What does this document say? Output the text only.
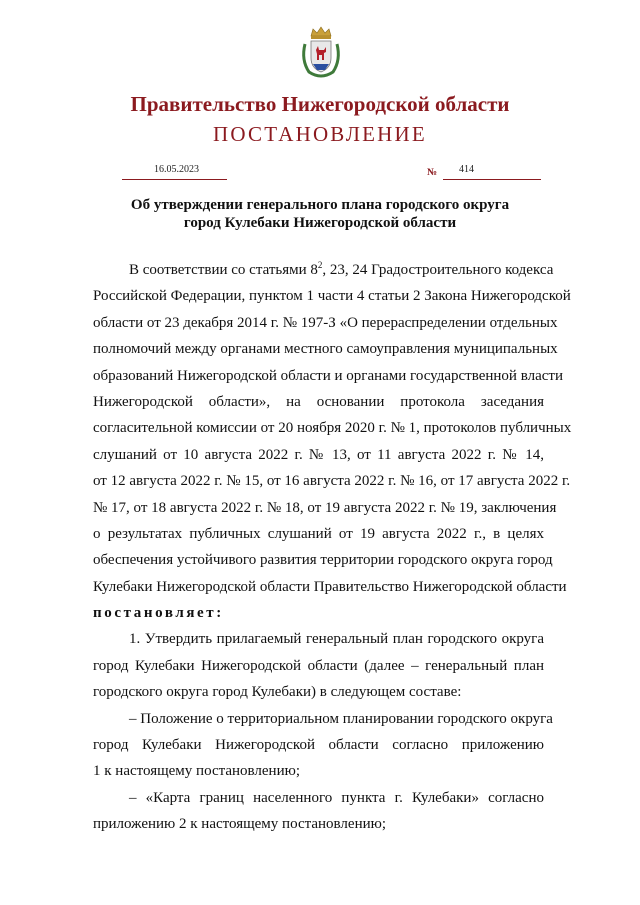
Правительство Нижегородской области
ПОСТАНОВЛЕНИЕ
16.05.2023	№ 414
Об утверждении генерального плана городского округа
город Кулебаки Нижегородской области
В соответствии со статьями $8^2$, 23, 24 Градостроительного кодекса
Российской Федерации, пунктом 1 части 4 статьи 2 Закона Нижегородской
области от 23 декабря 2014 г. № 197-З «О перераспределении отдельных
полномочий между органами местного самоуправления муниципальных
образований Нижегородской области и органами государственной власти
Нижегородской области», на основании протокола заседания
согласительной комиссии от 20 ноября 2020 г. № 1, протоколов публичных
слушаний от 10 августа 2022 г. № 13, от 11 августа 2022 г. № 14,
от 12 августа 2022 г. № 15, от 16 августа 2022 г. № 16, от 17 августа 2022 г.
№ 17, от 18 августа 2022 г. № 18, от 19 августа 2022 г. № 19, заключения
о результатах публичных слушаний от 19 августа 2022 г., в целях
обеспечения устойчивого развития территории городского округа город
Кулебаки Нижегородской области Правительство Нижегородской области
постановляет:
1. Утвердить прилагаемый генеральный план городского округа
город Кулебаки Нижегородской области (далее – генеральный план
городского округа город Кулебаки) в следующем составе:
– Положение о территориальном планировании городского округа
город Кулебаки Нижегородской области согласно приложению
1 к настоящему постановлению;
– «Карта границ населенного пункта г. Кулебаки» согласно
приложению 2 к настоящему постановлению;
